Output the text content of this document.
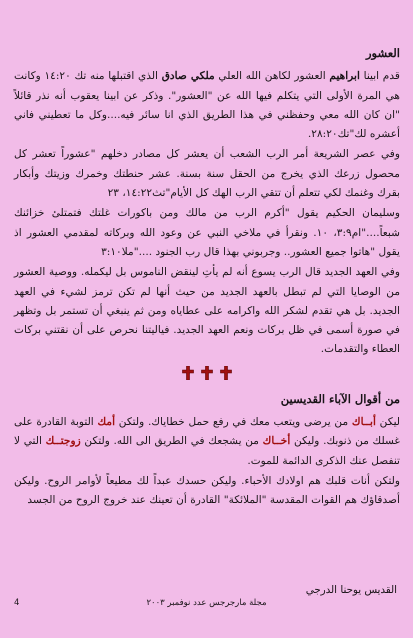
العشور

قدم ابينا ابراهيم العشور لكاهن الله العلي ملكي صادق الذي اقتبلها منه تك ١٤:٢٠ وكانت هي المرة الأولى التي يتكلم فيها الله عن "العشور". وذكر عن ابينا يعقوب أنه نذر قائلاً "ان كان الله معي وحفظني في هذا الطريق الذي انا سائر فيه....وكل ما تعطيني فاني أعشره لك"تك٢٨:٢٠.

وفي عصر الشريعة أمر الرب الشعب أن يعشر كل مصادر دخلهم "عشوراً تعشر كل محصول زرعك الذي يخرج من الحقل سنة بسنة. عشر حنطتك وخمرك وزيتك وأبكار بقرك وغنمك لكي تتعلم أن تتقي الرب الهك كل الأيام"تث١٤:٢٢، ٢٣

وسليمان الحكيم يقول "أكرم الرب من مالك ومن باكورات غلتك فتمتلئ خزائنك شبعاً...."ام٣:٩، ١٠. ونقرأ في ملاخي النبي عن وعود الله وبركاته لمقدمي العشور اذ يقول "هاتوا جميع العشور.. وجربوني بهذا قال رب الجنود ...."ملا٣:١٠

وفي العهد الجديد قال الرب يسوع أنه لم يأتِ لينقض الناموس بل ليكمله. ووصية العشور من الوصايا التي لم تبطل بالعهد الجديد من حيث أنها لم تكن ترمز لشيء في العهد الجديد. بل هي تقدم لشكر الله واكرامه على عطاياه ومن ثم ينبغي أن تستمر بل وتظهر في صورة أسمى في ظل بركات ونعم العهد الجديد. فياليتنا نحرص على أن نقتني بركات العطاء والتقدمات.

من أقوال الآباء القديسين

ليكن أبــاك من يرضى ويتعب معك في رفع حمل خطاياك. ولتكن أمك التوبة القادرة على غسلك من ذنوبك. وليكن أخــاك من يشجعك في الطريق الى الله. ولتكن زوجتــك التي لا تنفصل عنك الذكرى الدائمة للموت.

ولتكن أنات قلبك هم اولادك الأحباء. وليكن حسدك عبداً لك مطيعاً لأوامر الروح. وليكن أصدقاؤك هم القوات المقدسة "الملائكة" القادرة أن تعينك عند خروج الروح من الجسد

القديس يوحنا الدرجي
4	مجلة مارجرجس عدد نوفمبر ٢٠٠٣
